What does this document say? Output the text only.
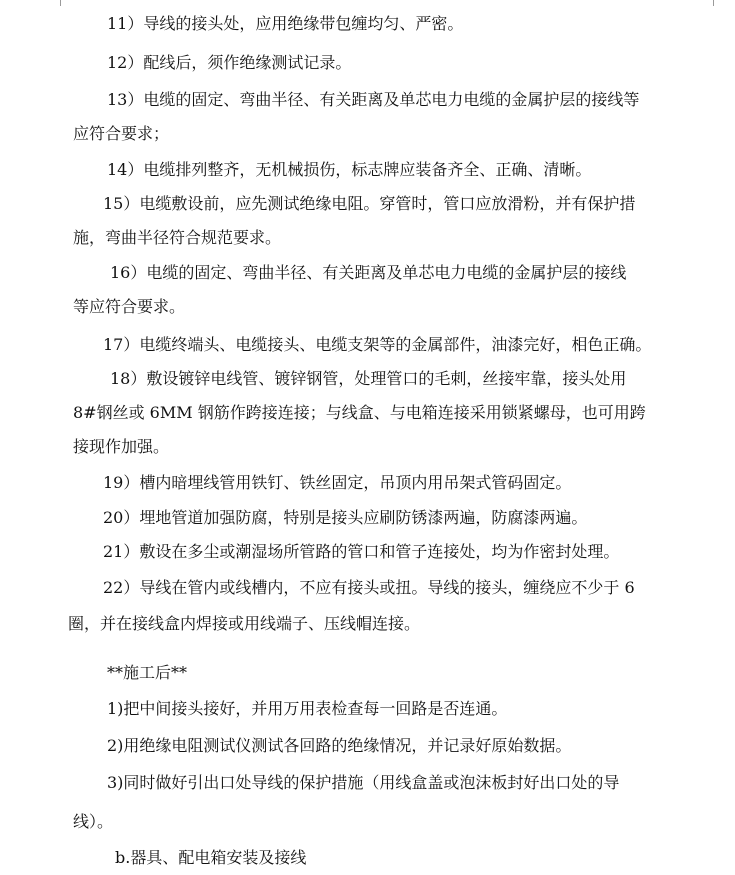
11）导线的接头处，应用绝缘带包缠均匀、严密。

12）配线后，须作绝缘测试记录。

13）电缆的固定、弯曲半径、有关距离及单芯电力电缆的金属护层的接线等

应符合要求；

14）电缆排列整齐，无机械损伤，标志牌应装备齐全、正确、清晰。

15）电缆敷设前，应先测试绝缘电阻。穿管时，管口应放滑粉，并有保护措

施，弯曲半径符合规范要求。

16）电缆的固定、弯曲半径、有关距离及单芯电力电缆的金属护层的接线

等应符合要求。

17）电缆终端头、电缆接头、电缆支架等的金属部件，油漆完好，相色正确。

18）敷设镀锌电线管、镀锌钢管，处理管口的毛刺，丝接牢靠，接头处用

8#钢丝或 6MM 钢筋作跨接连接；与线盒、与电箱连接采用锁紧螺母，也可用跨

接现作加强。

19）槽内暗埋线管用铁钉、铁丝固定，吊顶内用吊架式管码固定。

20）埋地管道加强防腐，特别是接头应刷防锈漆两遍，防腐漆两遍。

21）敷设在多尘或潮湿场所管路的管口和管子连接处，均为作密封处理。

22）导线在管内或线槽内，不应有接头或扭。导线的接头，缠绕应不少于 6

圈，并在接线盒内焊接或用线端子、压线帽连接。

**施工后**

1)把中间接头接好，并用万用表检查每一回路是否连通。

2)用绝缘电阻测试仪测试各回路的绝缘情况，并记录好原始数据。

3)同时做好引出口处导线的保护措施（用线盒盖或泡沫板封好出口处的导

线）。

b.器具、配电箱安装及接线
